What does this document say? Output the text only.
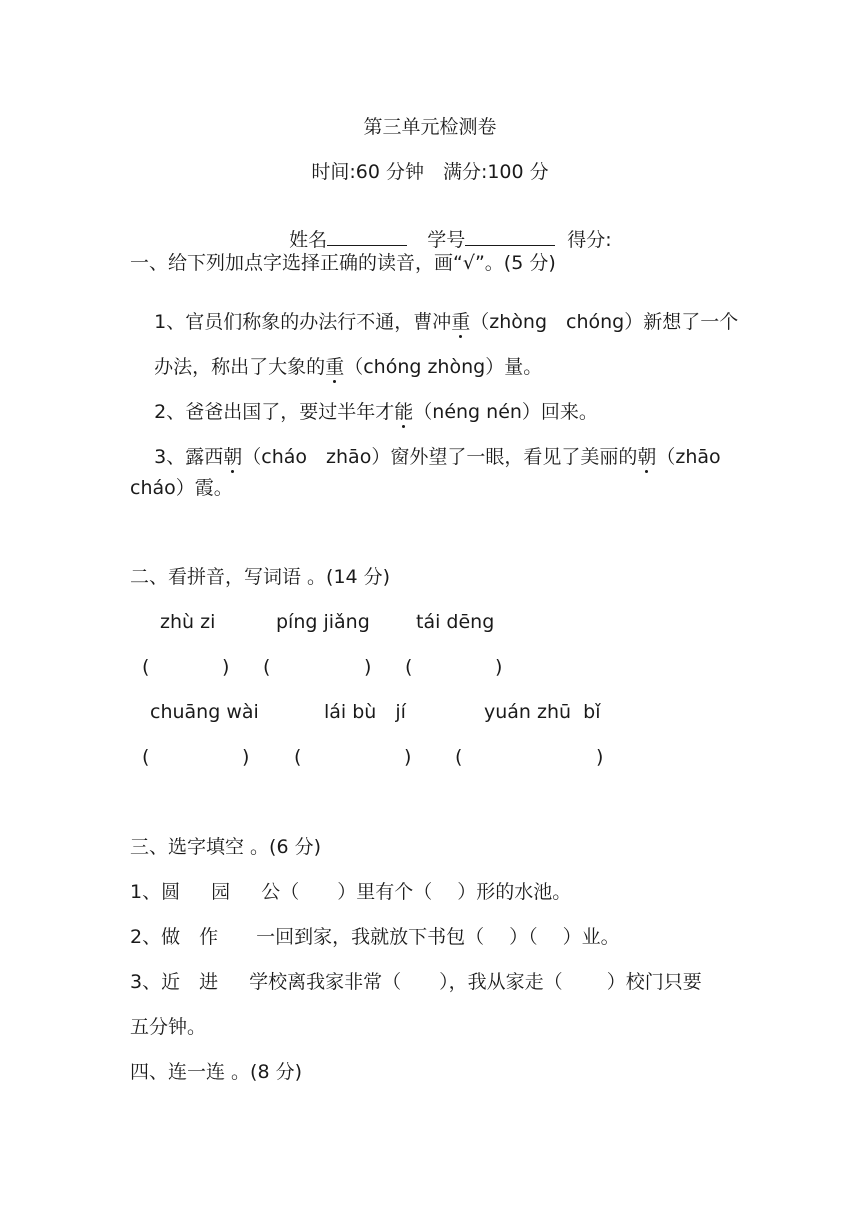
第三单元检测卷
时间:60 分钟　满分:100 分

姓名	学号	得分:

一、给下列加点字选择正确的读音，画“√”。(5 分)

1、官员们称象的办法行不通，曹冲重（zhòng　chóng）新想了一个

办法，称出了大象的重（chóng zhòng）量。

2、爸爸出国了，要过半年才能（néng nén）回来。

3、露西朝（cháo　zhāo）窗外望了一眼，看见了美丽的朝（zhāo

cháo）霞。
二、看拼音，写词语 。(14 分)
zhù zi	píng jiǎng tái dēng
(	) (	) (	)
chuāng wài	lái bù　jí	yuán zhū  bǐ
(	) (	) (	)
三、选字填空 。(6 分)
1、圆　  园　  公（　　）里有个（　 ）形的水池。
2、做　作　　一回到家，我就放下书包（　 ）（　 ）业。
3、近　进　  学校离我家非常（　　），我从家走（　　 ）校门只要
五分钟。
四、连一连 。(8 分)
